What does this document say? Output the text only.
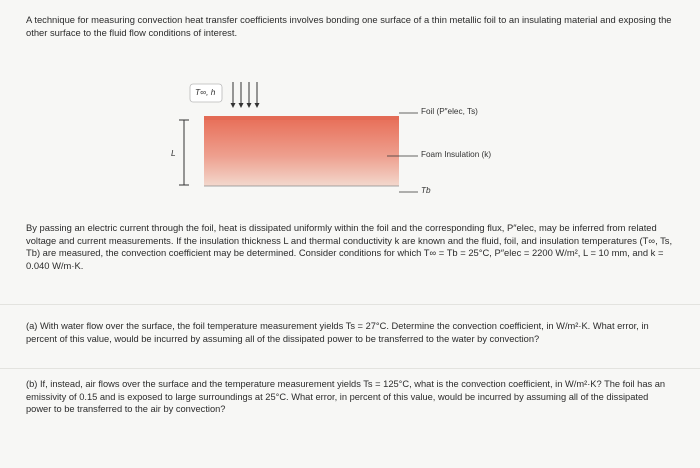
A technique for measuring convection heat transfer coefficients involves bonding one surface of a thin metallic foil to an insulating material and exposing the other surface to the fluid flow conditions of interest.
T∞, h
L
Foil (P″elec, Ts)
Foam Insulation (k)
Tb
By passing an electric current through the foil, heat is dissipated uniformly within the foil and the corresponding flux, P″elec, may be inferred from related voltage and current measurements. If the insulation thickness L and thermal conductivity k are known and the fluid, foil, and insulation temperatures (T∞, Ts, Tb) are measured, the convection coefficient may be determined. Consider conditions for which T∞ = Tb = 25°C, P″elec = 2200 W/m², L = 10 mm, and k = 0.040 W/m·K.
(a) With water flow over the surface, the foil temperature measurement yields Ts = 27°C. Determine the convection coefficient, in W/m²·K. What error, in percent of this value, would be incurred by assuming all of the dissipated power to be transferred to the water by convection?
(b) If, instead, air flows over the surface and the temperature measurement yields Ts = 125°C, what is the convection coefficient, in W/m²·K? The foil has an emissivity of 0.15 and is exposed to large surroundings at 25°C. What error, in percent of this value, would be incurred by assuming all of the dissipated power to be transferred to the air by convection?
